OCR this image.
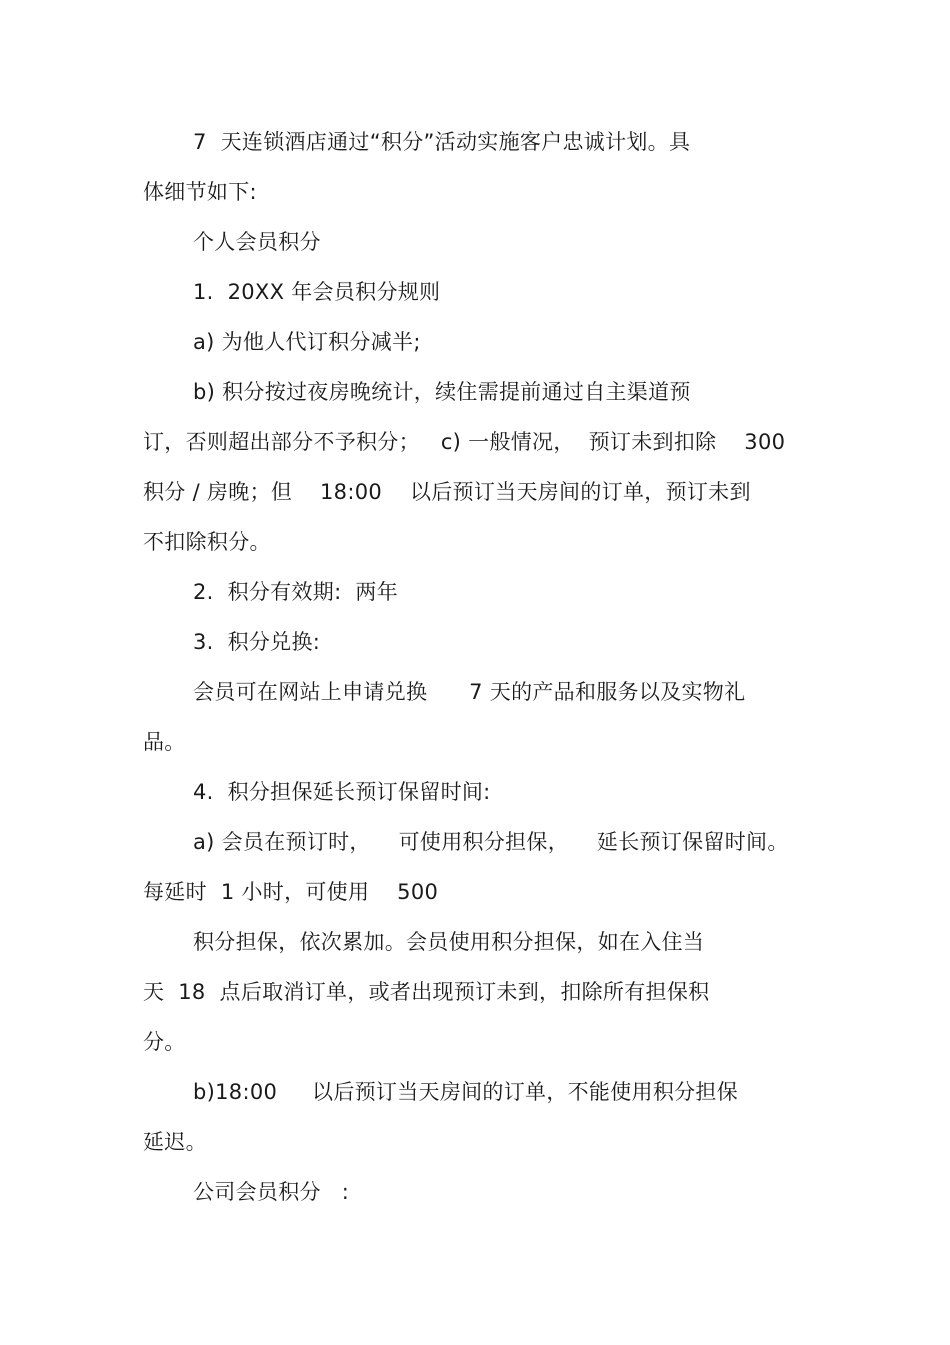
7  天连锁酒店通过“积分”活动实施客户忠诚计划。具
体细节如下:
个人会员积分
1.  20XX 年会员积分规则
a) 为他人代订积分减半;
b) 积分按过夜房晚统计，续住需提前通过自主渠道预
订，否则超出部分不予积分；   c) 一般情况，  预订未到扣除    300
积分 / 房晚；但    18:00    以后预订当天房间的订单，预订未到
不扣除积分。
2.  积分有效期:  两年
3.  积分兑换:
会员可在网站上申请兑换      7 天的产品和服务以及实物礼
品。
4.  积分担保延长预订保留时间:
a) 会员在预订时，    可使用积分担保，    延长预订保留时间。
每延时  1 小时，可使用    500
积分担保，依次累加。会员使用积分担保，如在入住当
天  18  点后取消订单，或者出现预订未到，扣除所有担保积
分。
b)18:00     以后预订当天房间的订单，不能使用积分担保
延迟。
公司会员积分   :
